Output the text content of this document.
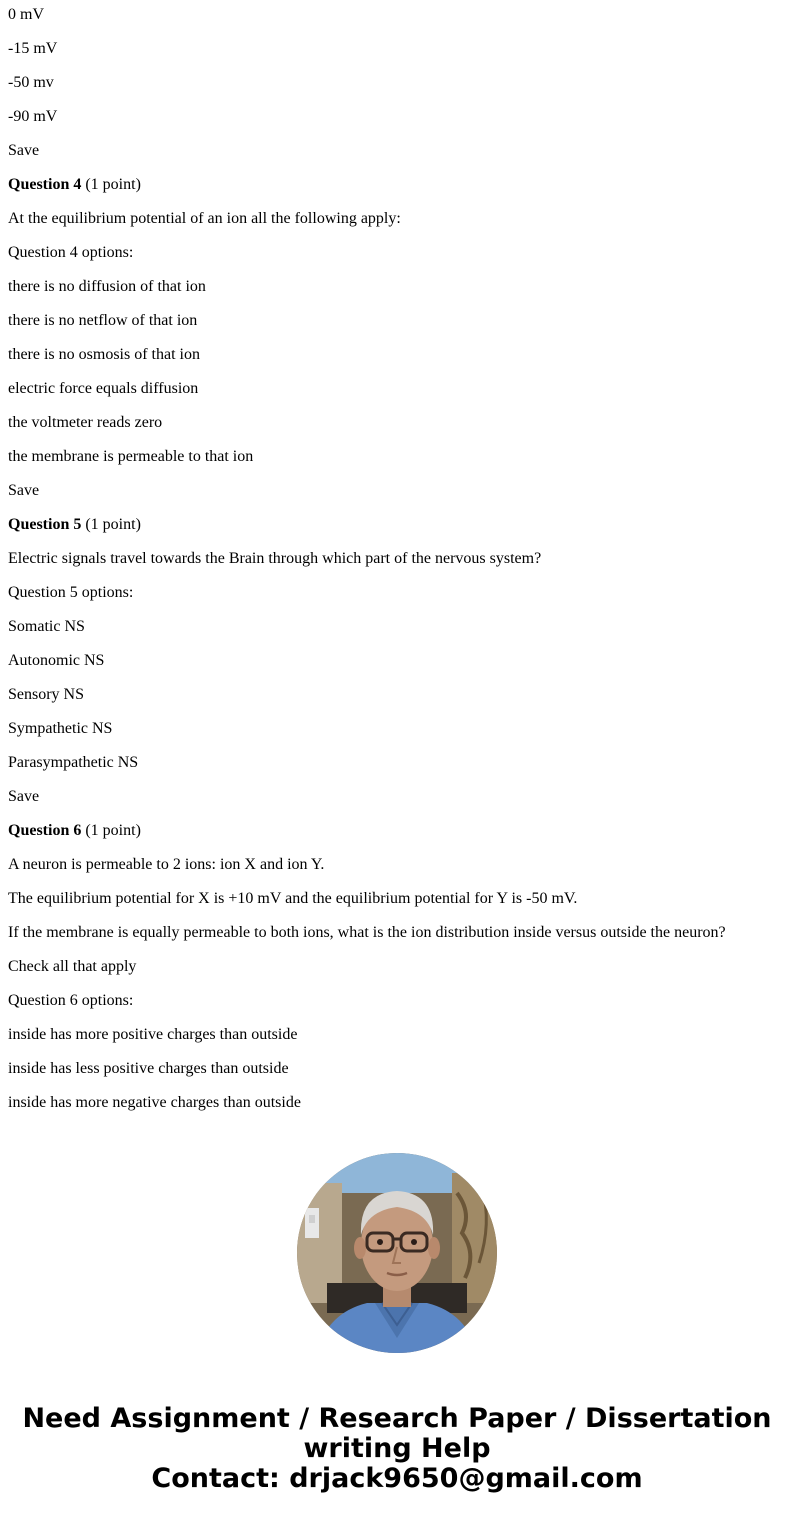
0 mV
-15 mV
-50 mv
-90 mV
Save
Question 4 (1 point)
At the equilibrium potential of an ion all the following apply:
Question 4 options:
there is no diffusion of that ion
there is no netflow of that ion
there is no osmosis of that ion
electric force equals diffusion
the voltmeter reads zero
the membrane is permeable to that ion
Save
Question 5 (1 point)
Electric signals travel towards the Brain through which part of the nervous system?
Question 5 options:
Somatic NS
Autonomic NS
Sensory NS
Sympathetic NS
Parasympathetic NS
Save
Question 6 (1 point)
A neuron is permeable to 2 ions: ion X and ion Y.
The equilibrium potential for X is +10 mV and the equilibrium potential for Y is -50 mV.
If the membrane is equally permeable to both ions, what is the ion distribution inside versus outside the neuron?
Check all that apply
Question 6 options:
inside has more positive charges than outside
inside has less positive charges than outside
inside has more negative charges than outside
Need Assignment / Research Paper / Dissertation
writing Help
Contact: drjack9650@gmail.com
